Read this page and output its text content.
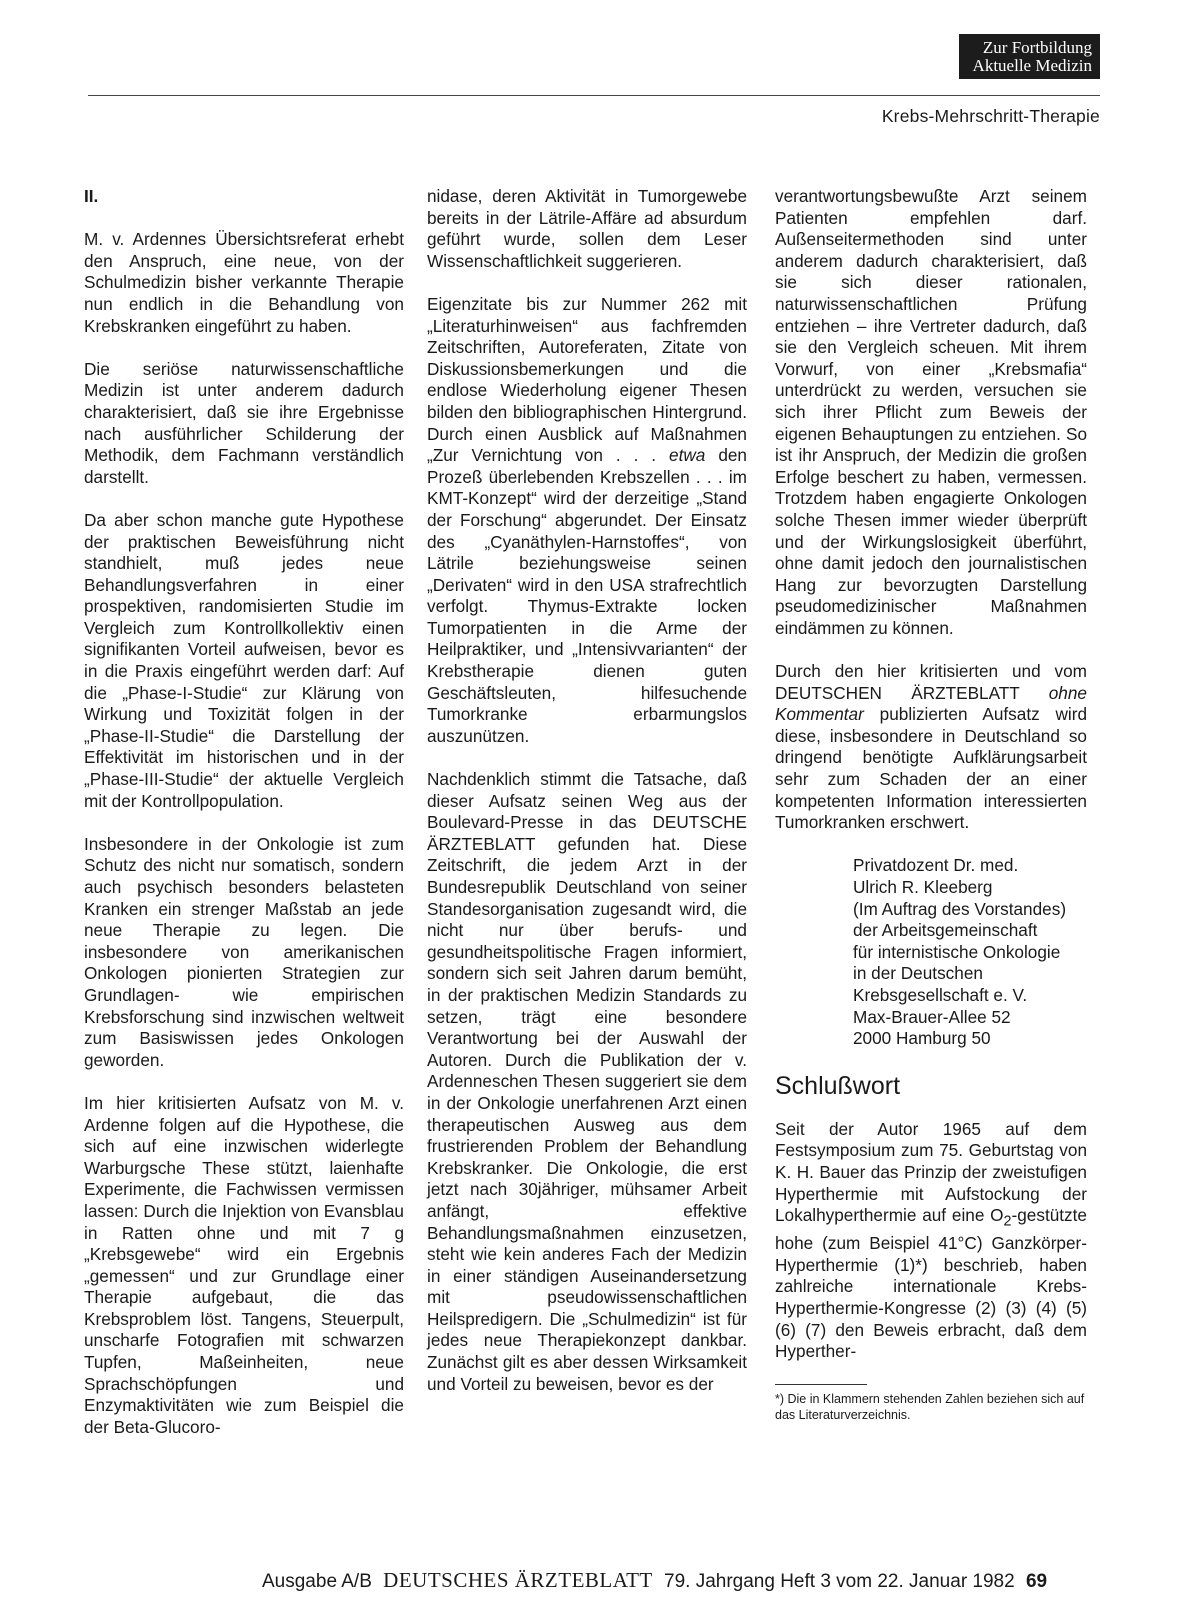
Zur Fortbildung
Aktuelle Medizin
Krebs-Mehrschritt-Therapie

II.

M. v. Ardennes Übersichtsreferat erhebt den Anspruch, eine neue, von der Schulmedizin bisher verkannte Therapie nun endlich in die Behandlung von Krebskranken eingeführt zu haben.

Die seriöse naturwissenschaftliche Medizin ist unter anderem dadurch charakterisiert, daß sie ihre Ergebnisse nach ausführlicher Schilderung der Methodik, dem Fachmann verständlich darstellt.

Da aber schon manche gute Hypothese der praktischen Beweisführung nicht standhielt, muß jedes neue Behandlungsverfahren in einer prospektiven, randomisierten Studie im Vergleich zum Kontrollkollektiv einen signifikanten Vorteil aufweisen, bevor es in die Praxis eingeführt werden darf: Auf die „Phase-I-Studie“ zur Klärung von Wirkung und Toxizität folgen in der „Phase-II-Studie“ die Darstellung der Effektivität im historischen und in der „Phase-III-Studie“ der aktuelle Vergleich mit der Kontrollpopulation.

Insbesondere in der Onkologie ist zum Schutz des nicht nur somatisch, sondern auch psychisch besonders belasteten Kranken ein strenger Maßstab an jede neue Therapie zu legen. Die insbesondere von amerikanischen Onkologen pionierten Strategien zur Grundlagen- wie empirischen Krebsforschung sind inzwischen weltweit zum Basiswissen jedes Onkologen geworden.

Im hier kritisierten Aufsatz von M. v. Ardenne folgen auf die Hypothese, die sich auf eine inzwischen widerlegte Warburgsche These stützt, laienhafte Experimente, die Fachwissen vermissen lassen: Durch die Injektion von Evansblau in Ratten ohne und mit 7 g „Krebsgewebe“ wird ein Ergebnis „gemessen“ und zur Grundlage einer Therapie aufgebaut, die das Krebsproblem löst. Tangens, Steuerpult, unscharfe Fotografien mit schwarzen Tupfen, Maßeinheiten, neue Sprachschöpfungen und Enzymaktivitäten wie zum Beispiel die der Beta-Glucoro-

nidase, deren Aktivität in Tumorgewebe bereits in der Lätrile-Affäre ad absurdum geführt wurde, sollen dem Leser Wissenschaftlichkeit suggerieren.

Eigenzitate bis zur Nummer 262 mit „Literaturhinweisen“ aus fachfremden Zeitschriften, Autoreferaten, Zitate von Diskussionsbemerkungen und die endlose Wiederholung eigener Thesen bilden den bibliographischen Hintergrund. Durch einen Ausblick auf Maßnahmen „Zur Vernichtung von . . . etwa den Prozeß überlebenden Krebszellen . . . im KMT-Konzept“ wird der derzeitige „Stand der Forschung“ abgerundet. Der Einsatz des „Cyanäthylen-Harnstoffes“, von Lätrile beziehungsweise seinen „Derivaten“ wird in den USA strafrechtlich verfolgt. Thymus-Extrakte locken Tumorpatienten in die Arme der Heilpraktiker, und „Intensivvarianten“ der Krebstherapie dienen guten Geschäftsleuten, hilfesuchende Tumorkranke erbarmungslos auszunützen.

Nachdenklich stimmt die Tatsache, daß dieser Aufsatz seinen Weg aus der Boulevard-Presse in das DEUTSCHE ÄRZTEBLATT gefunden hat. Diese Zeitschrift, die jedem Arzt in der Bundesrepublik Deutschland von seiner Standesorganisation zugesandt wird, die nicht nur über berufs- und gesundheitspolitische Fragen informiert, sondern sich seit Jahren darum bemüht, in der praktischen Medizin Standards zu setzen, trägt eine besondere Verantwortung bei der Auswahl der Autoren. Durch die Publikation der v. Ardenneschen Thesen suggeriert sie dem in der Onkologie unerfahrenen Arzt einen therapeutischen Ausweg aus dem frustrierenden Problem der Behandlung Krebskranker. Die Onkologie, die erst jetzt nach 30jähriger, mühsamer Arbeit anfängt, effektive Behandlungsmaßnahmen einzusetzen, steht wie kein anderes Fach der Medizin in einer ständigen Auseinandersetzung mit pseudowissenschaftlichen Heilspredigern. Die „Schulmedizin“ ist für jedes neue Therapiekonzept dankbar. Zunächst gilt es aber dessen Wirksamkeit und Vorteil zu beweisen, bevor es der

verantwortungsbewußte Arzt seinem Patienten empfehlen darf. Außenseitermethoden sind unter anderem dadurch charakterisiert, daß sie sich dieser rationalen, naturwissenschaftlichen Prüfung entziehen – ihre Vertreter dadurch, daß sie den Vergleich scheuen. Mit ihrem Vorwurf, von einer „Krebsmafia“ unterdrückt zu werden, versuchen sie sich ihrer Pflicht zum Beweis der eigenen Behauptungen zu entziehen. So ist ihr Anspruch, der Medizin die großen Erfolge beschert zu haben, vermessen. Trotzdem haben engagierte Onkologen solche Thesen immer wieder überprüft und der Wirkungslosigkeit überführt, ohne damit jedoch den journalistischen Hang zur bevorzugten Darstellung pseudomedizinischer Maßnahmen eindämmen zu können.

Durch den hier kritisierten und vom DEUTSCHEN ÄRZTEBLATT ohne Kommentar publizierten Aufsatz wird diese, insbesondere in Deutschland so dringend benötigte Aufklärungsarbeit sehr zum Schaden der an einer kompetenten Information interessierten Tumorkranken erschwert.

Privatdozent Dr. med.

Ulrich R. Kleeberg

(Im Auftrag des Vorstandes)

der Arbeitsgemeinschaft

für internistische Onkologie

in der Deutschen

Krebsgesellschaft e. V.

Max-Brauer-Allee 52

2000 Hamburg 50

Schlußwort

Seit der Autor 1965 auf dem Festsymposium zum 75. Geburtstag von K. H. Bauer das Prinzip der zweistufigen Hyperthermie mit Aufstockung der Lokalhyperthermie auf eine $O_2$-gestützte hohe (zum Beispiel 41°C) Ganzkörper-Hyperthermie (1)*) beschrieb, haben zahlreiche internationale Krebs-Hyperthermie-Kongresse (2) (3) (4) (5) (6) (7) den Beweis erbracht, daß dem Hyperther-

*) Die in Klammern stehenden Zahlen beziehen sich auf das Literaturverzeichnis.

Ausgabe A/B DEUTSCHES ÄRZTEBLATT 79. Jahrgang Heft 3 vom 22. Januar 1982 69
